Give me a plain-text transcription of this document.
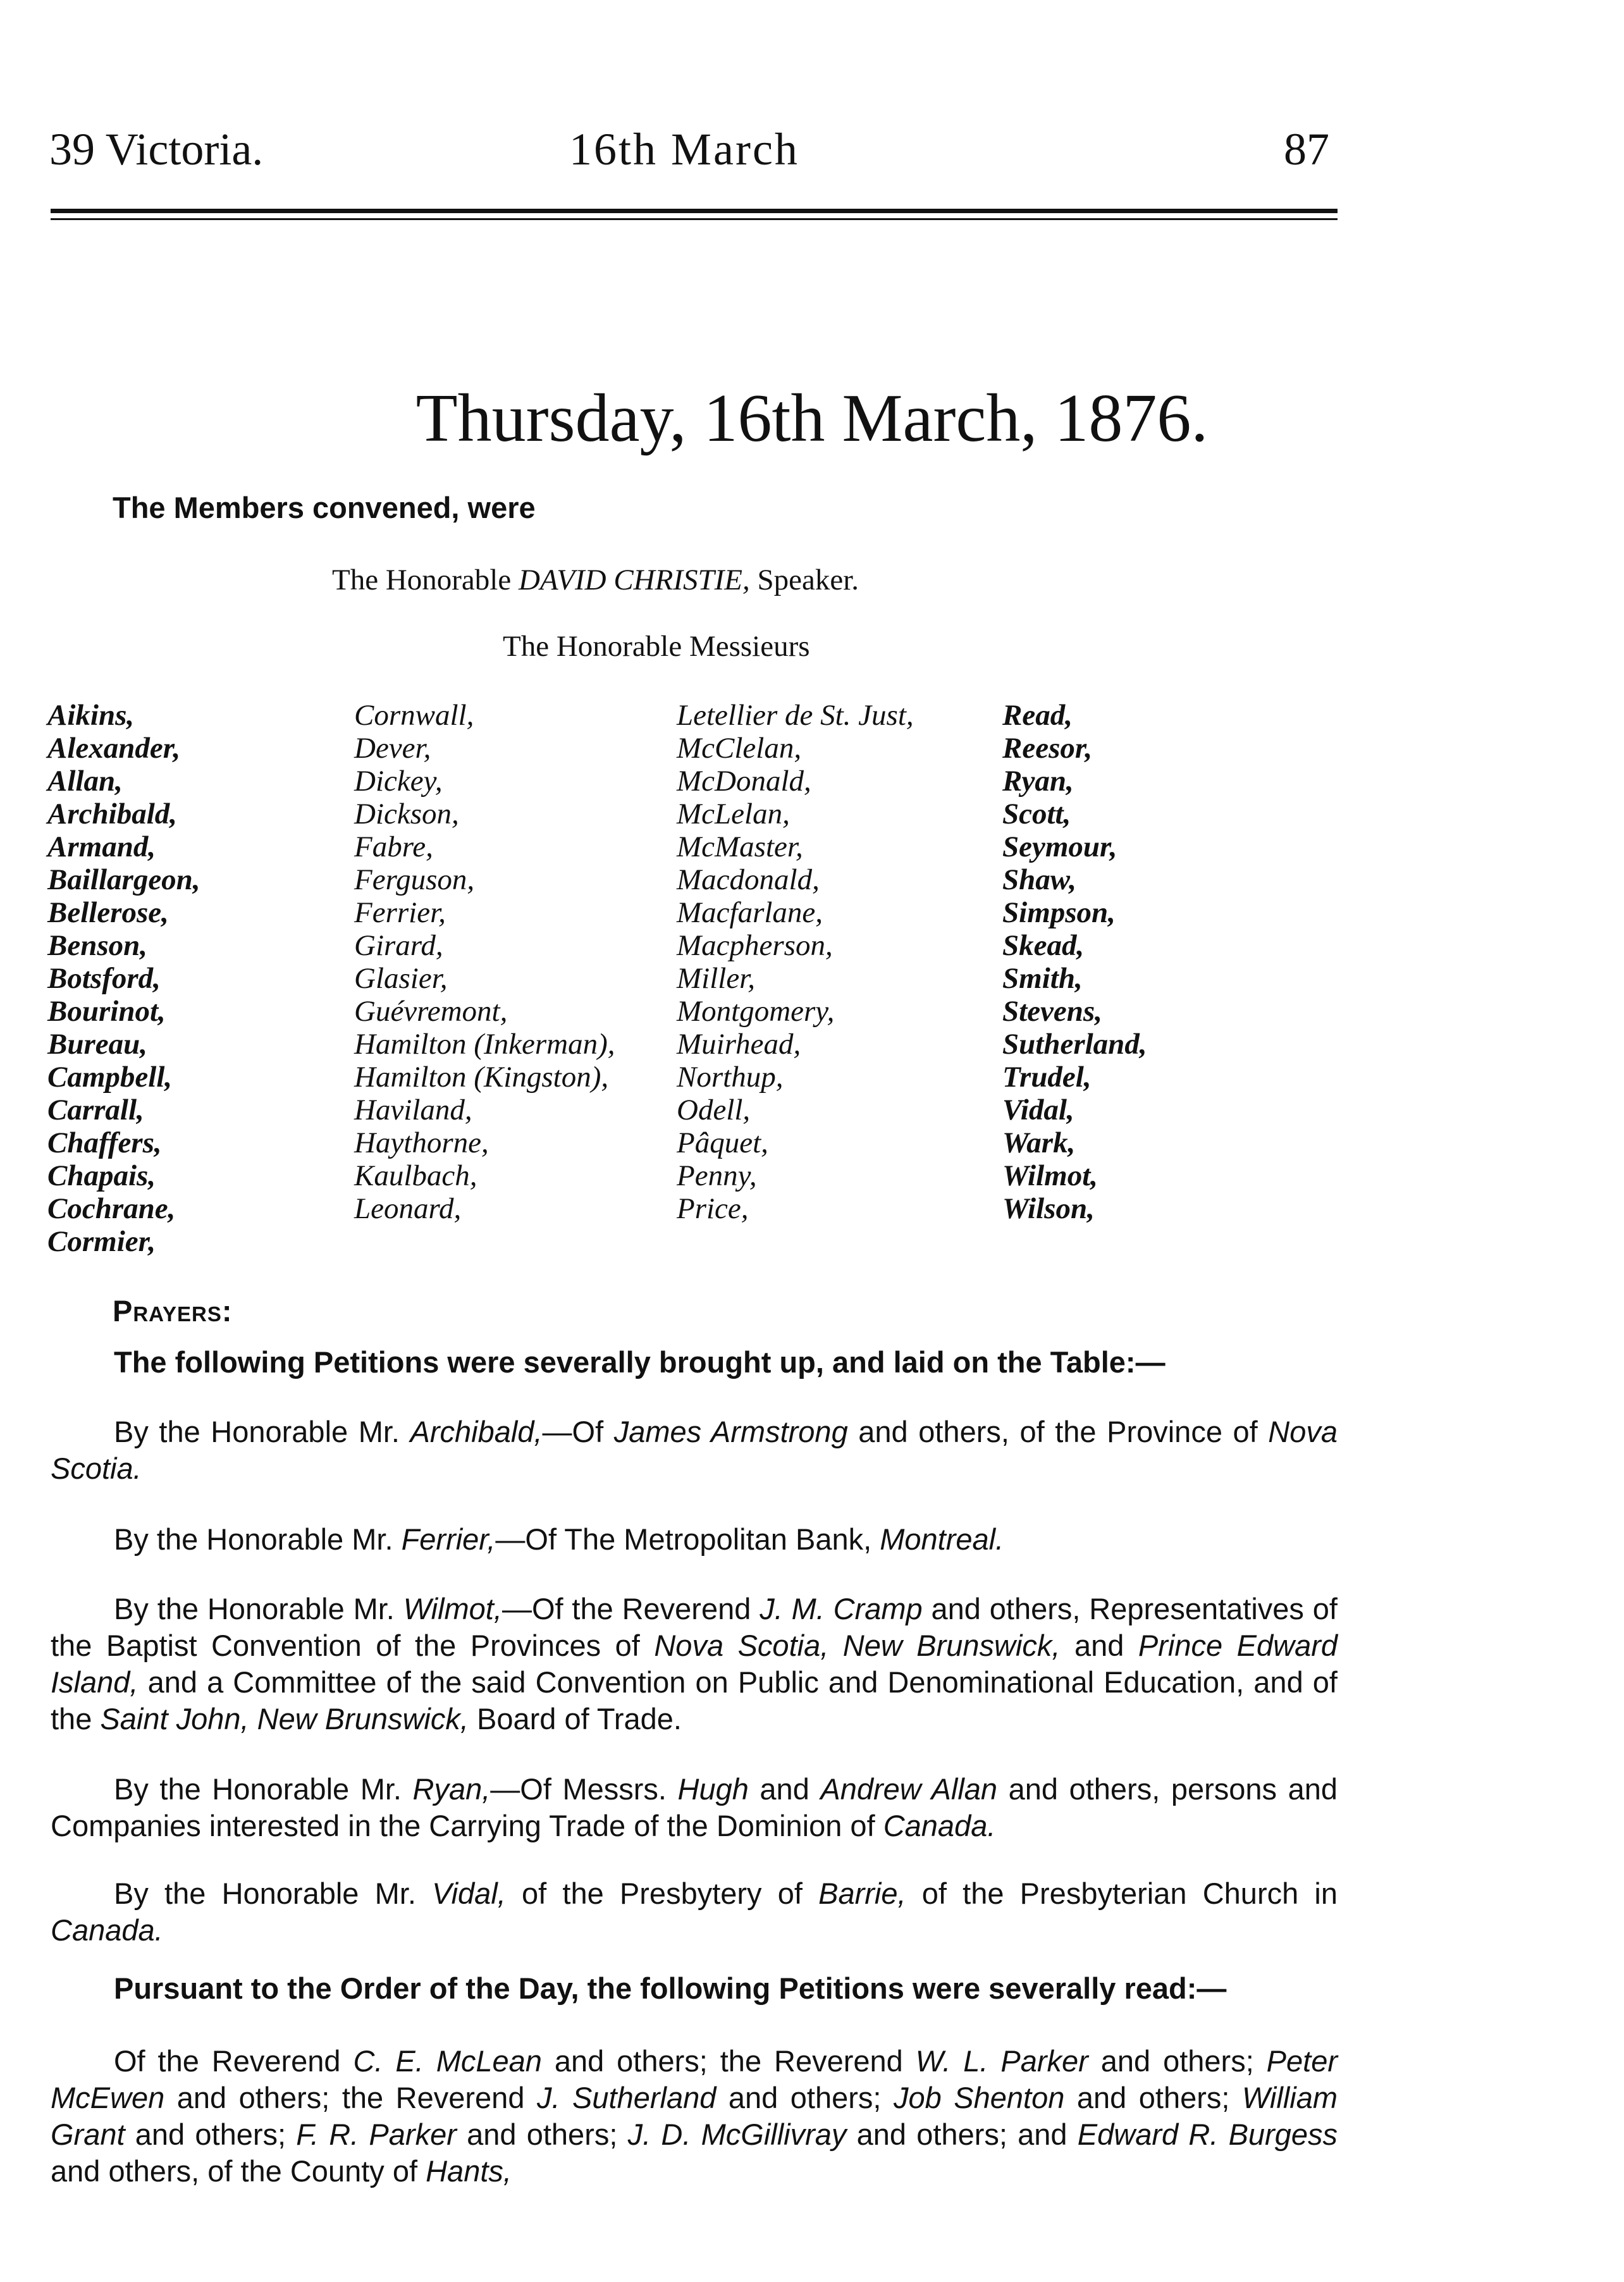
39 Victoria.	16th March	87
Thursday, 16th March, 1876.
The Members convened, were
The Honorable DAVID CHRISTIE, Speaker.
The Honorable Messieurs
Aikins,
Alexander,
Allan,
Archibald,
Armand,
Baillargeon,
Bellerose,
Benson,
Botsford,
Bourinot,
Bureau,
Campbell,
Carrall,
Chaffers,
Chapais,
Cochrane,
Cormier,
Cornwall,
Dever,
Dickey,
Dickson,
Fabre,
Ferguson,
Ferrier,
Girard,
Glasier,
Guévremont,
Hamilton (Inkerman),
Hamilton (Kingston),
Haviland,
Haythorne,
Kaulbach,
Leonard,
Letellier de St. Just,
McClelan,
McDonald,
McLelan,
McMaster,
Macdonald,
Macfarlane,
Macpherson,
Miller,
Montgomery,
Muirhead,
Northup,
Odell,
Pâquet,
Penny,
Price,
Read,
Reesor,
Ryan,
Scott,
Seymour,
Shaw,
Simpson,
Skead,
Smith,
Stevens,
Sutherland,
Trudel,
Vidal,
Wark,
Wilmot,
Wilson,
Prayers:

The following Petitions were severally brought up, and laid on the Table:—

By the Honorable Mr. Archibald,—Of James Armstrong and others, of the Province of Nova Scotia.

By the Honorable Mr. Ferrier,—Of The Metropolitan Bank, Montreal.

By the Honorable Mr. Wilmot,—Of the Reverend J. M. Cramp and others, Representatives of the Baptist Convention of the Provinces of Nova Scotia, New Brunswick, and Prince Edward Island, and a Committee of the said Convention on Public and Denominational Education, and of the Saint John, New Brunswick, Board of Trade.

By the Honorable Mr. Ryan,—Of Messrs. Hugh and Andrew Allan and others, persons and Companies interested in the Carrying Trade of the Dominion of Canada.

By the Honorable Mr. Vidal, of the Presbytery of Barrie, of the Presbyterian Church in Canada.

Pursuant to the Order of the Day, the following Petitions were severally read:—

Of the Reverend C. E. McLean and others; the Reverend W. L. Parker and others; Peter McEwen and others; the Reverend J. Sutherland and others; Job Shenton and others; William Grant and others; F. R. Parker and others; J. D. McGillivray and others; and Edward R. Burgess and others, of the County of Hants,
